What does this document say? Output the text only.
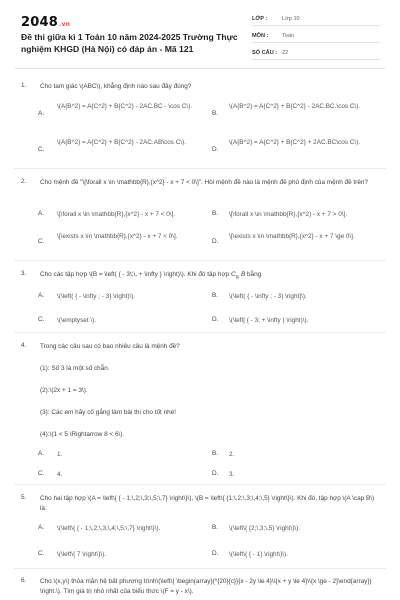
2048.vn
Đề thi giữa kì 1 Toán 10 năm 2024-2025 Trường Thực nghiệm KHGD (Hà Nội) có đáp án - Mã 121
LỚP :	Lớp 10
MÔN :	Toán
SỐ CÂU : 22
1. Cho tam giác \(ABC\), khẳng định nào sau đây đúng?
A.
\(A{B^2} = A{C^2} + B{C^2} - 2AC.BC - \cos C\).
B.
\(A{B^2} = A{C^2} + B{C^2} - 2AC.BC.\cos C\).
C.
\(A{B^2} = A{C^2} + B{C^2} - 2AC.AB\cos C\).
D.
\(A{B^2} = A{C^2} + B{C^2} + 2AC.BC\cos C\).
2. Cho mệnh đề "\[\forall x \in \mathbb{R},{x^2} - x + 7 < 0\]". Hỏi mệnh đề nào là mệnh đề phủ định của mệnh đề trên?
A. \[\forall x \in \mathbb{R},{x^2} - x + 7 < 0\].	B. \[\forall x \in \mathbb{R},{x^2} - x + 7 > 0\].
C.
\[\exists x \in \mathbb{R},{x^2} - x + 7 < 0\].
D.
\[\exists x \in \mathbb{R},{x^2} - x + 7 \ge 0\].
3. Cho các tập hợp \(B = \left( { - 3\;\, + \infty } \right)\). Khi đó tập hợp $C_ℝ$ B bằng
A. \(\left( { - \infty ; - 3} \right)\).	B. \(\left( { - \infty ; - 3} \right]\).
C. \(\emptyset \).	D. \(\left[ { - 3; + \infty } \right)\).
4. Trong các câu sau có bao nhiêu câu là mệnh đề?
(1): Số 3 là một số chẵn.
(2):\(2x + 1 = 3\).
(3): Các em hãy cố gắng làm bài thi cho tốt nhé!
(4):\(1 < 5 \Rightarrow 8 < 6\).
A. 1.	B. 2.
C. 4.	D. 3.
5. Cho hai tập hợp \(A = \left\{ { - 1;\,2;\,3;\,5;\,7} \right\}\), \(B = \left\{ {1;\,2;\,3;\,4;\,5} \right\}\). Khi đó, tập hợp \(A \cap B\) là:
A. \(\left\{ { - 1;\,2;\,3;\,4;\,5;\,7} \right\}\).	B. \(\left\{ {2;\,3;\,5} \right\}\).
C. \(\left\{ 7 \right\}\).	D. \(\left\{ { - 1} \right\}\).
6. Cho \(x,y\) thỏa mãn hệ bất phương trình\(\left\{ \begin{array}{*{20}{c}}{x - 2y \le 4}\\{x + y \le 4}\\{x \ge - 2}\end{array}} \right.\). Tìm giá trị nhỏ nhất của biểu thức \(F = y - x\).
